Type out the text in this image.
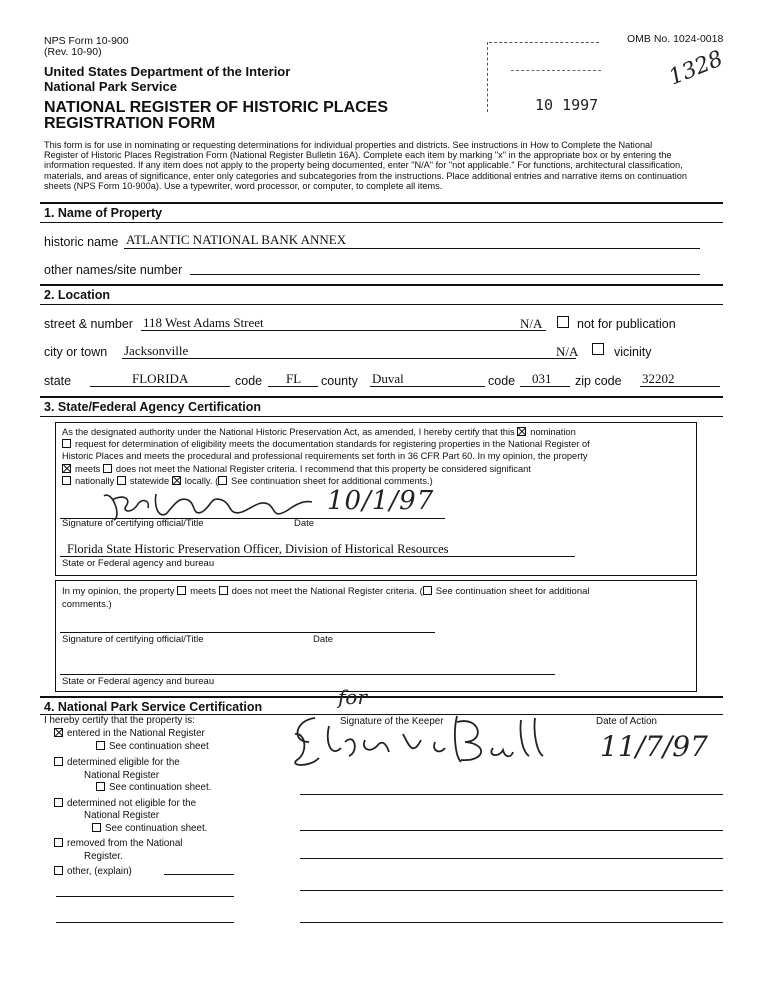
NPS Form 10-900
(Rev. 10-90)
OMB No. 1024-0018
10 1997
1328
United States Department of the Interior
National Park Service
NATIONAL REGISTER OF HISTORIC PLACES
REGISTRATION FORM
This form is for use in nominating or requesting determinations for individual properties and districts. See instructions in How to Complete the National
Register of Historic Places Registration Form (National Register Bulletin 16A). Complete each item by marking "x" in the appropriate box or by entering the
information requested. If any item does not apply to the property being documented, enter "N/A" for "not applicable." For functions, architectural classification,
materials, and areas of significance, enter only categories and subcategories from the instructions. Place additional entries and narrative items on continuation
sheets (NPS Form 10-900a). Use a typewriter, word processor, or computer, to complete all items.
1. Name of Property
historic name ATLANTIC NATIONAL BANK ANNEX
other names/site number
2. Location
street & number 118 West Adams Street	N/A	not for publication
city or town Jacksonville	N/A	vicinity
state	FLORIDA	code FL county Duval	code 031 zip code 32202
3. State/Federal Agency Certification
As the designated authority under the National Historic Preservation Act, as amended, I hereby certify that this nomination
request for determination of eligibility meets the documentation standards for registering properties in the National Register of
Historic Places and meets the procedural and professional requirements set forth in 36 CFR Part 60. In my opinion, the property
meets does not meet the National Register criteria. I recommend that this property be considered significant
nationally statewide locally. ( See continuation sheet for additional comments.)
10/1/97
Signature of certifying official/Title	Date
Florida State Historic Preservation Officer, Division of Historical Resources
State or Federal agency and bureau
In my opinion, the property meets does not meet the National Register criteria. ( See continuation sheet for additional
comments.)
Signature of certifying official/Title	Date
State or Federal agency and bureau
4. National Park Service Certification
I hereby certify that the property is:
for
Signature of the Keeper	Date of Action
11/7/97
entered in the National Register
See continuation sheet
determined eligible for the
National Register
See continuation sheet.
determined not eligible for the
National Register
See continuation sheet.
removed from the National
Register.
other, (explain)
